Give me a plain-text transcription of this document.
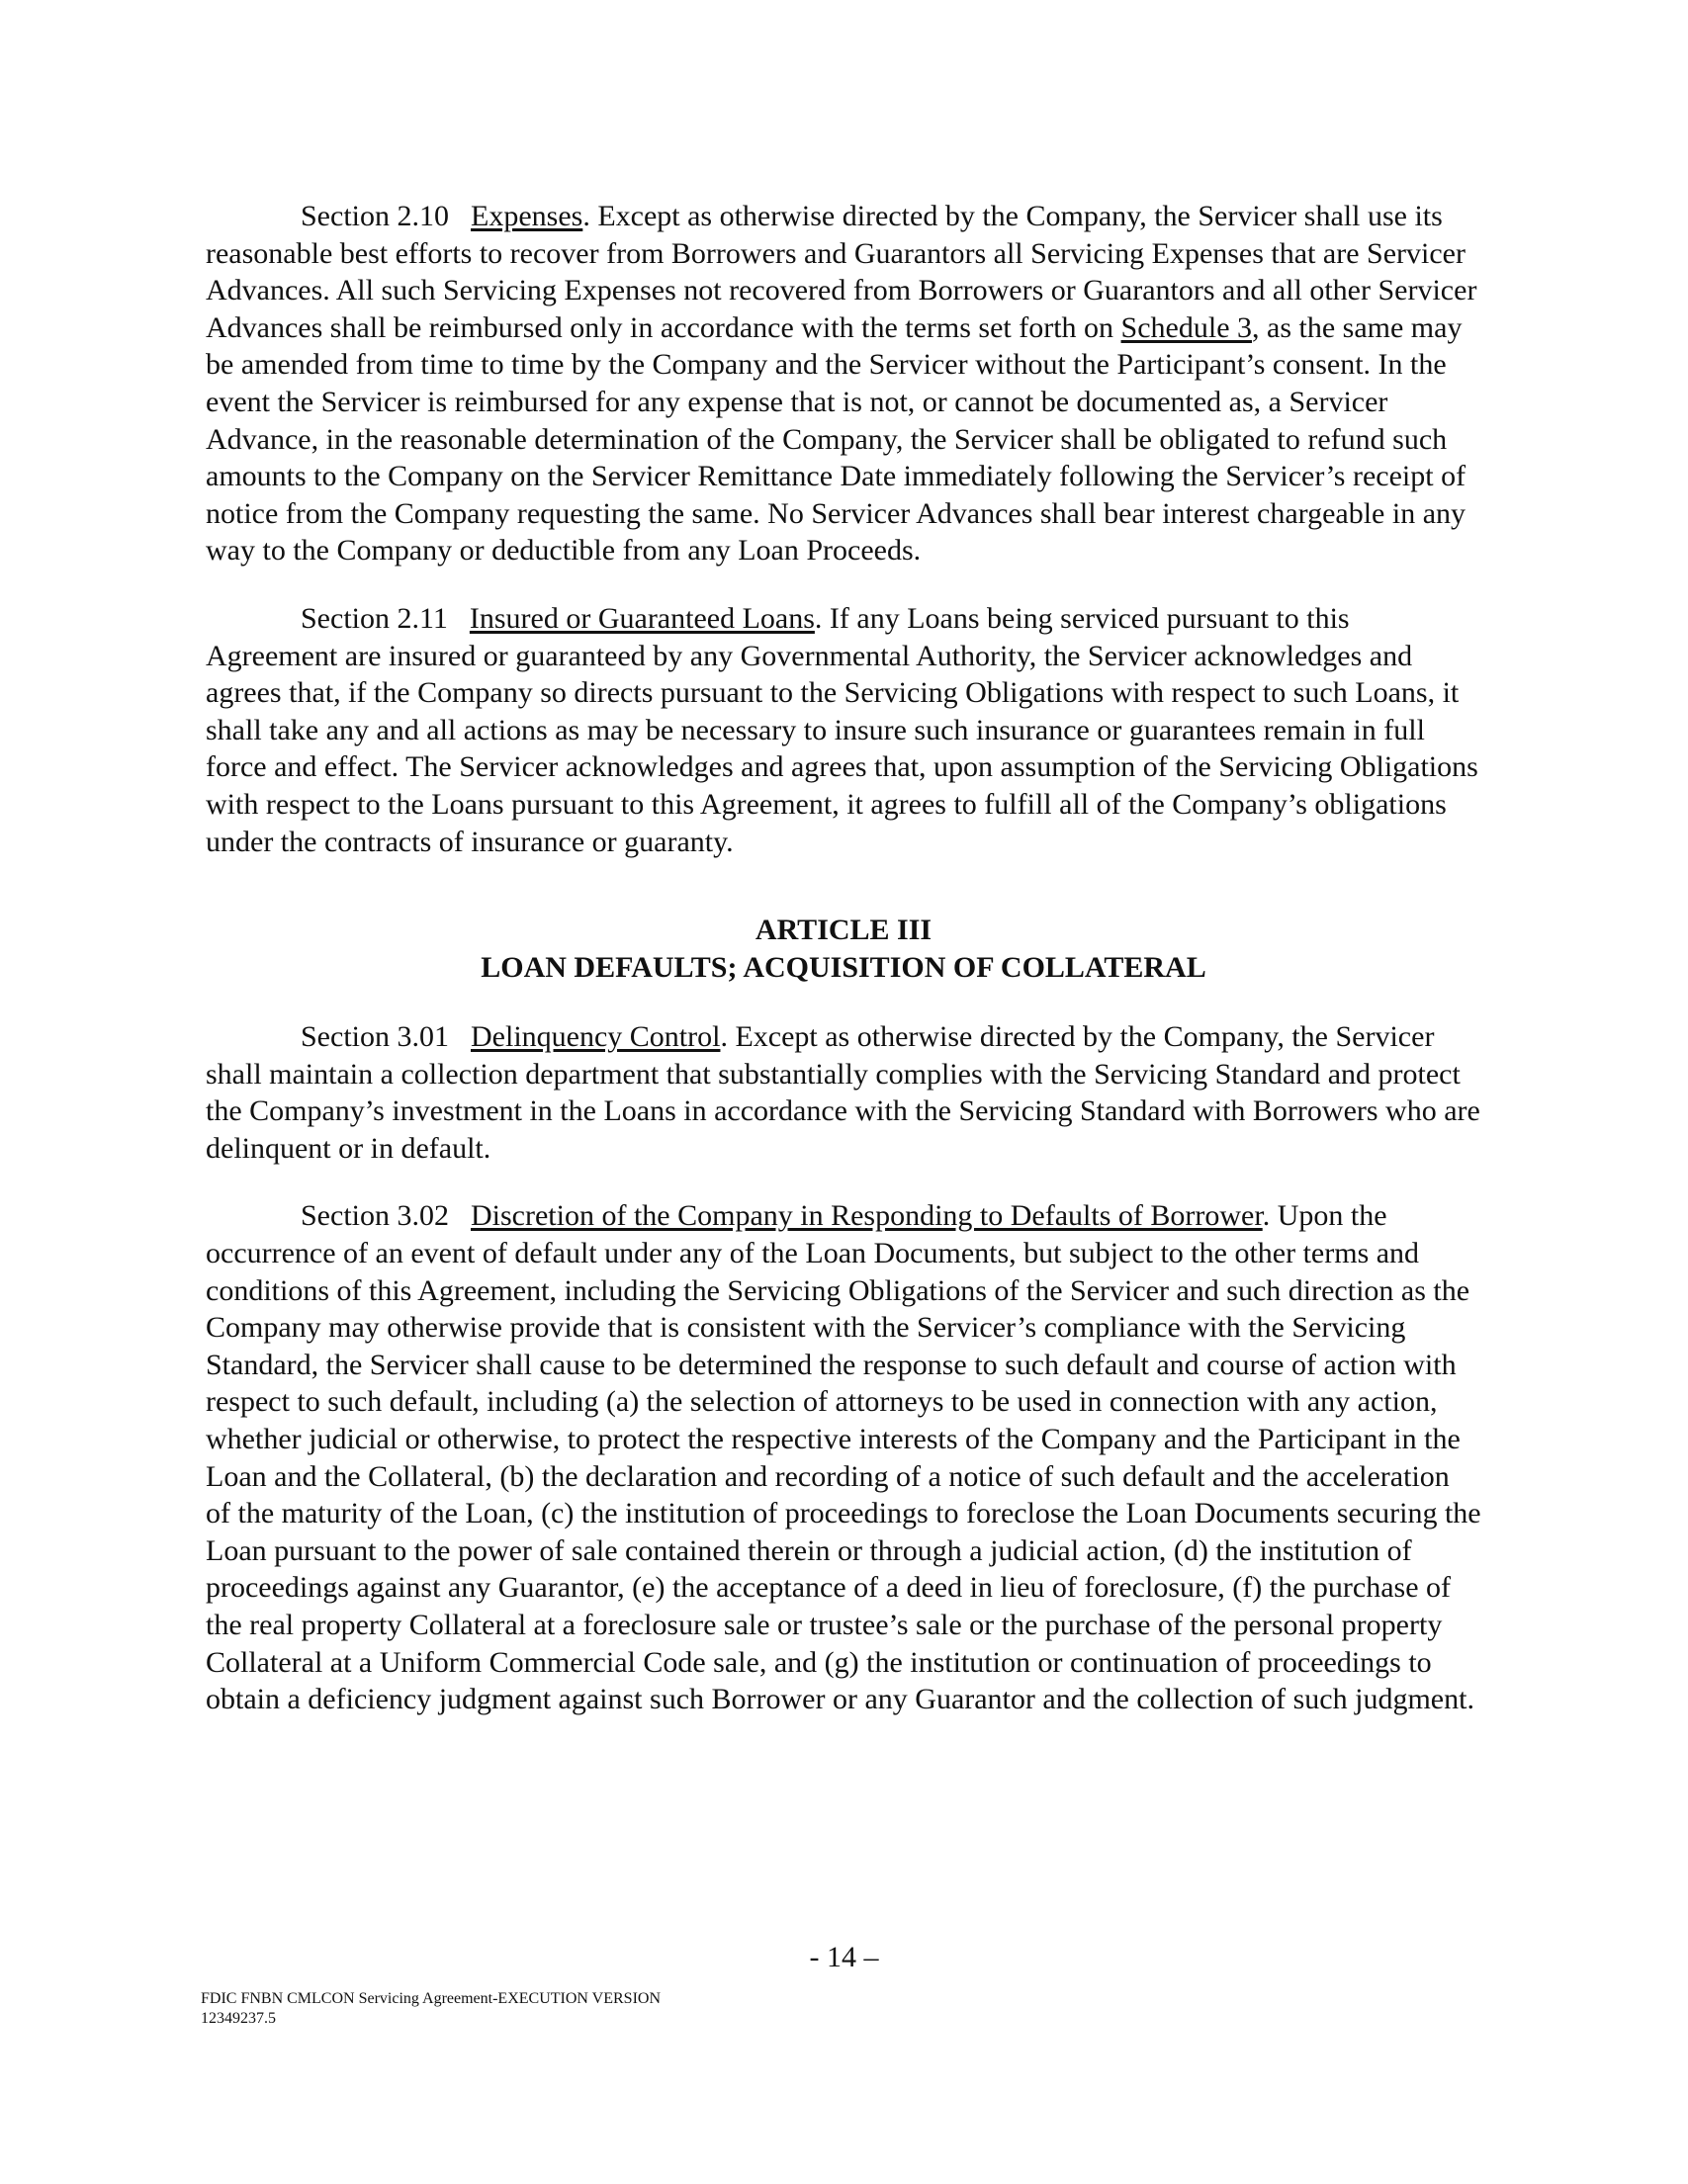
Section 2.10 Expenses. Except as otherwise directed by the Company, the Servicer shall use its reasonable best efforts to recover from Borrowers and Guarantors all Servicing Expenses that are Servicer Advances. All such Servicing Expenses not recovered from Borrowers or Guarantors and all other Servicer Advances shall be reimbursed only in accordance with the terms set forth on Schedule 3, as the same may be amended from time to time by the Company and the Servicer without the Participant’s consent. In the event the Servicer is reimbursed for any expense that is not, or cannot be documented as, a Servicer Advance, in the reasonable determination of the Company, the Servicer shall be obligated to refund such amounts to the Company on the Servicer Remittance Date immediately following the Servicer’s receipt of notice from the Company requesting the same. No Servicer Advances shall bear interest chargeable in any way to the Company or deductible from any Loan Proceeds.

Section 2.11 Insured or Guaranteed Loans. If any Loans being serviced pursuant to this Agreement are insured or guaranteed by any Governmental Authority, the Servicer acknowledges and agrees that, if the Company so directs pursuant to the Servicing Obligations with respect to such Loans, it shall take any and all actions as may be necessary to insure such insurance or guarantees remain in full force and effect. The Servicer acknowledges and agrees that, upon assumption of the Servicing Obligations with respect to the Loans pursuant to this Agreement, it agrees to fulfill all of the Company’s obligations under the contracts of insurance or guaranty.

ARTICLE III
LOAN DEFAULTS; ACQUISITION OF COLLATERAL

Section 3.01 Delinquency Control. Except as otherwise directed by the Company, the Servicer shall maintain a collection department that substantially complies with the Servicing Standard and protect the Company’s investment in the Loans in accordance with the Servicing Standard with Borrowers who are delinquent or in default.

Section 3.02 Discretion of the Company in Responding to Defaults of Borrower. Upon the occurrence of an event of default under any of the Loan Documents, but subject to the other terms and conditions of this Agreement, including the Servicing Obligations of the Servicer and such direction as the Company may otherwise provide that is consistent with the Servicer’s compliance with the Servicing Standard, the Servicer shall cause to be determined the response to such default and course of action with respect to such default, including (a) the selection of attorneys to be used in connection with any action, whether judicial or otherwise, to protect the respective interests of the Company and the Participant in the Loan and the Collateral, (b) the declaration and recording of a notice of such default and the acceleration of the maturity of the Loan, (c) the institution of proceedings to foreclose the Loan Documents securing the Loan pursuant to the power of sale contained therein or through a judicial action, (d) the institution of proceedings against any Guarantor, (e) the acceptance of a deed in lieu of foreclosure, (f) the purchase of the real property Collateral at a foreclosure sale or trustee’s sale or the purchase of the personal property Collateral at a Uniform Commercial Code sale, and (g) the institution or continuation of proceedings to obtain a deficiency judgment against such Borrower or any Guarantor and the collection of such judgment.

- 14 –
FDIC FNBN CMLCON Servicing Agreement-EXECUTION VERSION
12349237.5
